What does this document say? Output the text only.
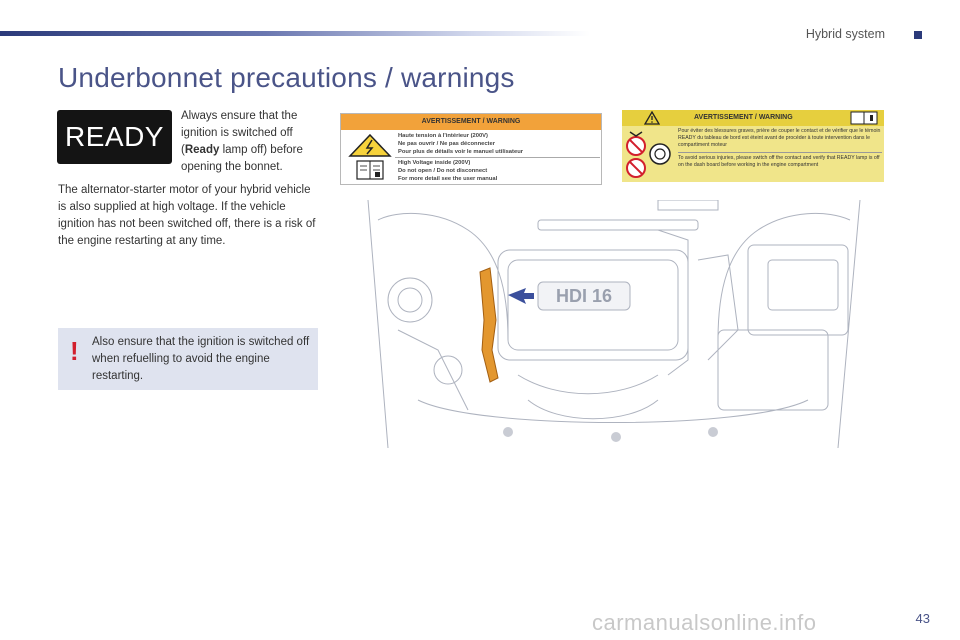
Hybrid system
Underbonnet precautions / warnings
READY
Always ensure that the ignition is switched off (Ready lamp off) before opening the bonnet.
The alternator-starter motor of your hybrid vehicle is also supplied at high voltage. If the vehicle ignition has not been switched off, there is a risk of the engine restarting at any time.
! Also ensure that the ignition is switched off when refuelling to avoid the engine restarting.
AVERTISSEMENT / WARNING
Haute tension à l'intérieur (200V)
Ne pas ouvrir / Ne pas déconnecter
Pour plus de détails voir le manuel utilisateur
High Voltage inside (200V)
Do not open / Do not disconnect
For more detail see the user manual
AVERTISSEMENT / WARNING
Pour éviter des blessures graves, prière de couper le contact et de vérifier que le témoin READY du tableau de bord est éteint avant de procéder à toute intervention dans le compartiment moteur
To avoid serious injuries, please switch off the contact and verify that READY lamp is off on the dash board before working in the engine compartment
HDI 16
43
carmanualsonline.info
